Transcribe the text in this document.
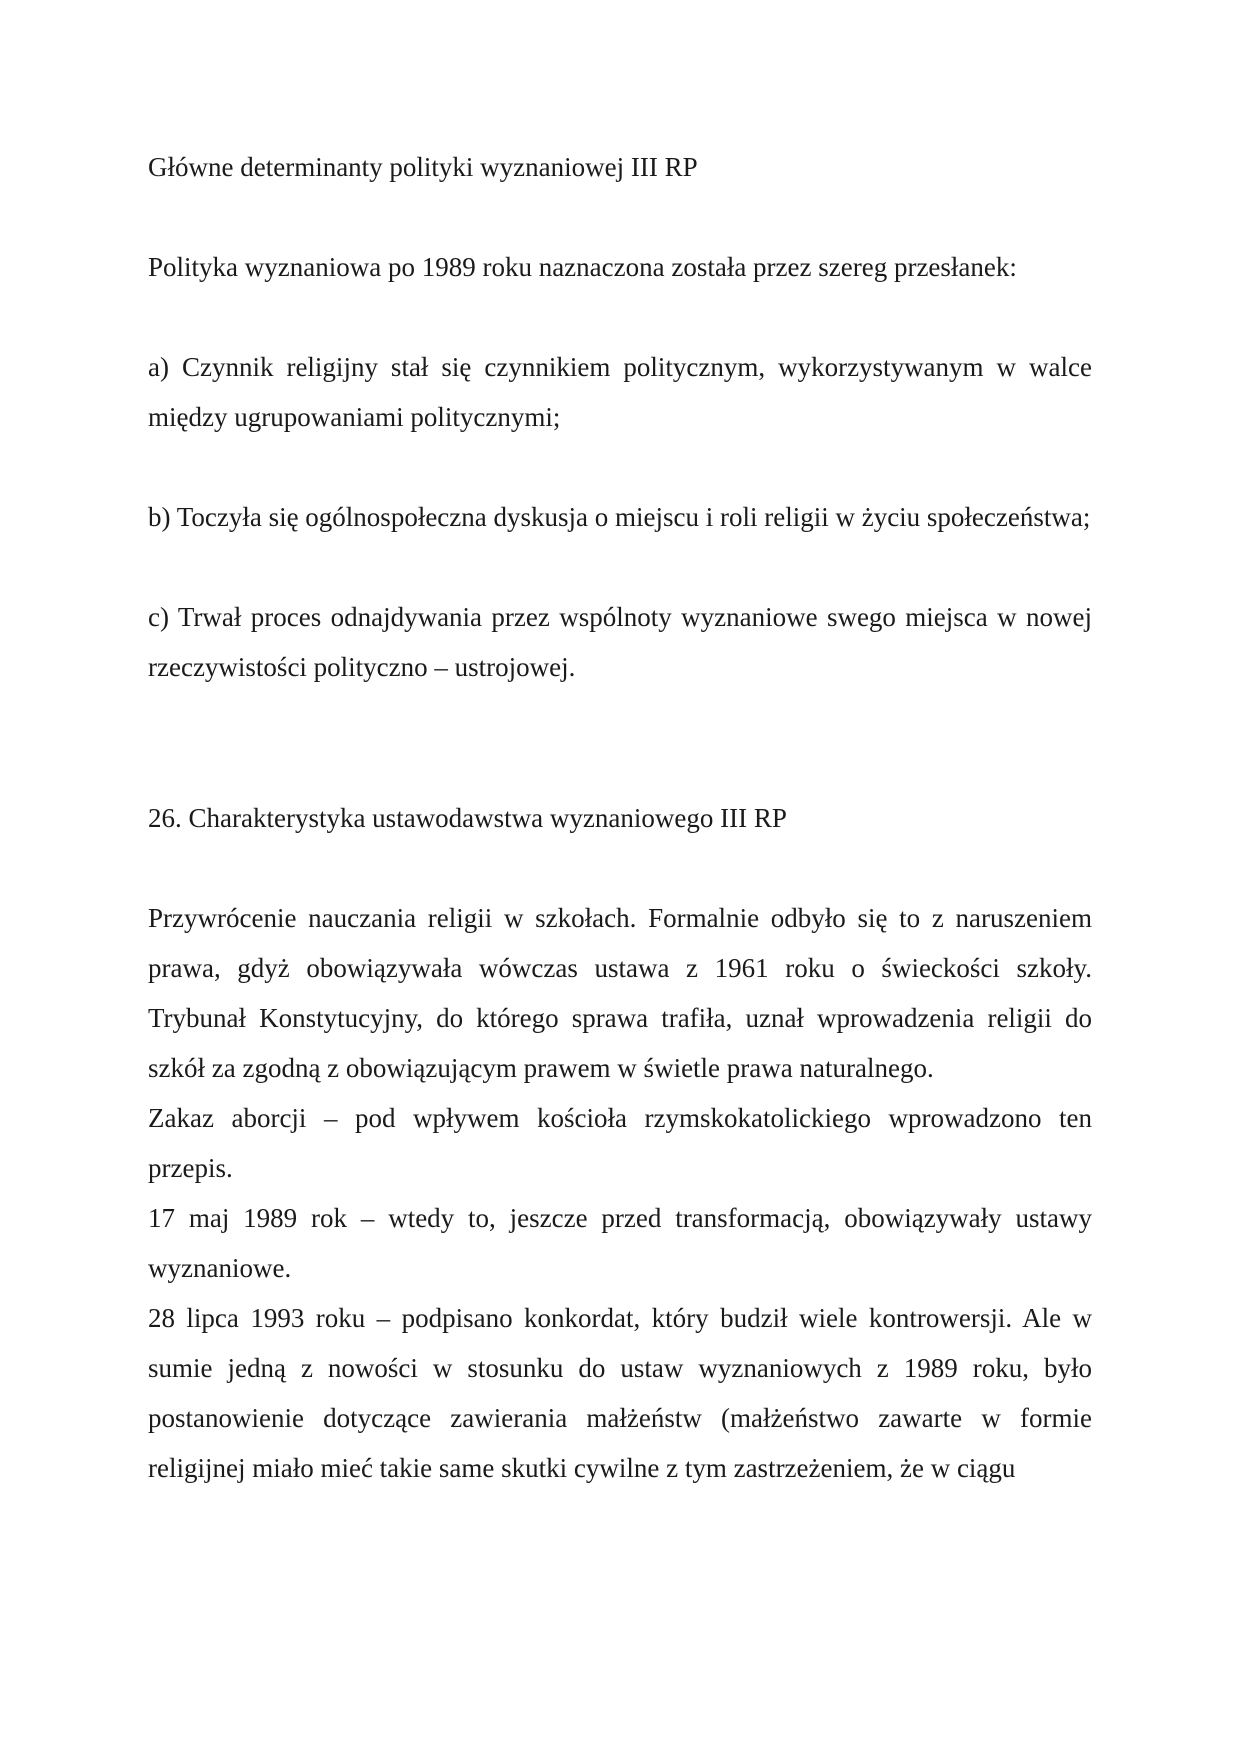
Główne determinanty polityki wyznaniowej III RP

Polityka wyznaniowa po 1989 roku naznaczona została przez szereg przesłanek:

a) Czynnik religijny stał się czynnikiem politycznym, wykorzystywanym w walce między ugrupowaniami politycznymi;

b) Toczyła się ogólnospołeczna dyskusja o miejscu i roli religii w życiu społeczeństwa;

c) Trwał proces odnajdywania przez wspólnoty wyznaniowe swego miejsca w nowej rzeczywistości polityczno – ustrojowej.

26. Charakterystyka ustawodawstwa wyznaniowego III RP

Przywrócenie nauczania religii w szkołach. Formalnie odbyło się to z naruszeniem prawa, gdyż obowiązywała wówczas ustawa z 1961 roku o świeckości szkoły. Trybunał Konstytucyjny, do którego sprawa trafiła, uznał wprowadzenia religii do szkół za zgodną z obowiązującym prawem w świetle prawa naturalnego.

Zakaz aborcji – pod wpływem kościoła rzymskokatolickiego wprowadzono ten przepis.

17 maj 1989 rok – wtedy to, jeszcze przed transformacją, obowiązywały ustawy wyznaniowe.

28 lipca 1993 roku – podpisano konkordat, który budził wiele kontrowersji. Ale w sumie jedną z nowości w stosunku do ustaw wyznaniowych z 1989 roku, było postanowienie dotyczące zawierania małżeństw (małżeństwo zawarte w formie religijnej miało mieć takie same skutki cywilne z tym zastrzeżeniem, że w ciągu
